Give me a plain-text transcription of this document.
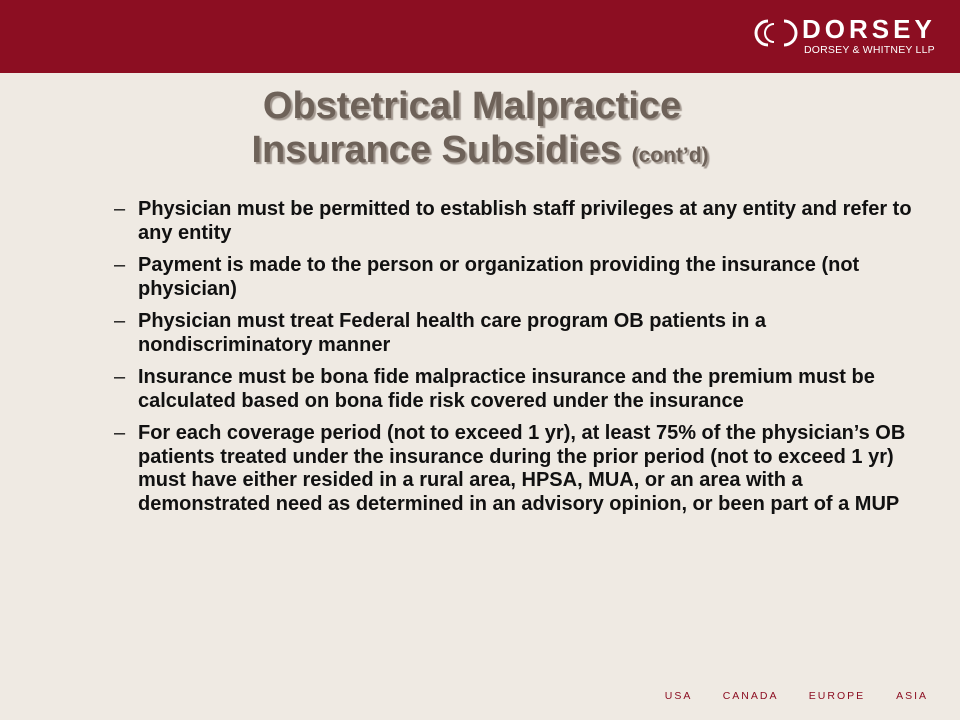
DORSEY
DORSEY & WHITNEY LLP
Obstetrical Malpractice
Insurance Subsidies (cont’d)
– Physician must be permitted to establish staff privileges at any entity and refer to any entity
– Payment is made to the person or organization providing the insurance (not physician)
– Physician must treat Federal health care program OB patients in a nondiscriminatory manner
– Insurance must be bona fide malpractice insurance and the premium must be calculated based on bona fide risk covered under the insurance
– For each coverage period (not to exceed 1 yr), at least 75% of the physician’s OB patients treated under the insurance during the prior period (not to exceed 1 yr) must have either resided in a rural area, HPSA, MUA, or an area with a demonstrated need as determined in an advisory opinion, or been part of a MUP
USA	CANADA	EUROPE	ASIA
